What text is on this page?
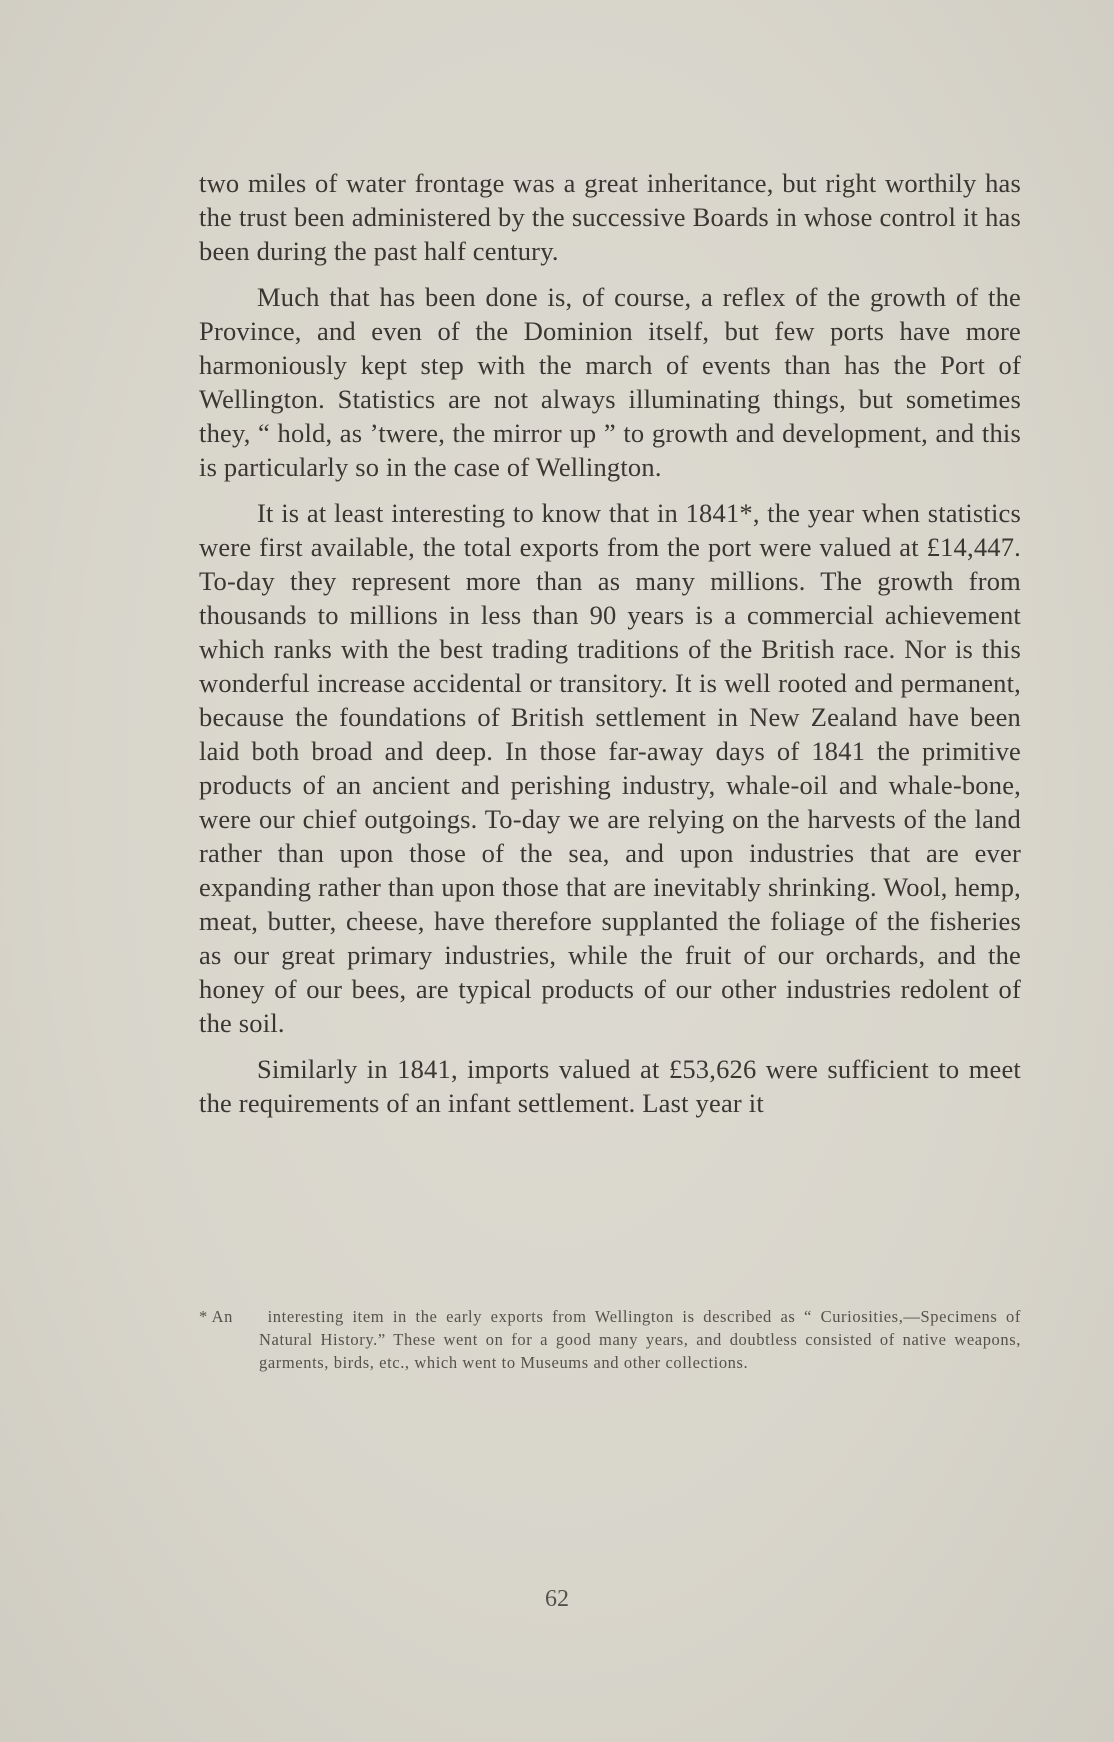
two miles of water frontage was a great inheritance, but right worthily has the trust been administered by the successive Boards in whose control it has been during the past half century.

Much that has been done is, of course, a reflex of the growth of the Province, and even of the Dominion itself, but few ports have more harmoniously kept step with the march of events than has the Port of Wellington. Statistics are not always illuminating things, but sometimes they, “ hold, as ’twere, the mirror up ” to growth and development, and this is particularly so in the case of Wellington.

It is at least interesting to know that in 1841*, the year when statistics were first available, the total exports from the port were valued at £14,447. To-day they represent more than as many millions. The growth from thousands to millions in less than 90 years is a commercial achievement which ranks with the best trading traditions of the British race. Nor is this wonderful increase accidental or transitory. It is well rooted and permanent, because the foundations of British settlement in New Zealand have been laid both broad and deep. In those far-away days of 1841 the primitive products of an ancient and perishing industry, whale-oil and whale-bone, were our chief outgoings. To-day we are relying on the harvests of the land rather than upon those of the sea, and upon industries that are ever expanding rather than upon those that are inevitably shrinking. Wool, hemp, meat, butter, cheese, have therefore supplanted the foliage of the fisheries as our great primary industries, while the fruit of our orchards, and the honey of our bees, are typical products of our other industries redolent of the soil.

Similarly in 1841, imports valued at £53,626 were sufficient to meet the requirements of an infant settlement. Last year it

* An interesting item in the early exports from Wellington is described as “ Curiosities,—Specimens of Natural History.” These went on for a good many years, and doubtless consisted of native weapons, garments, birds, etc., which went to Museums and other collections.
62
